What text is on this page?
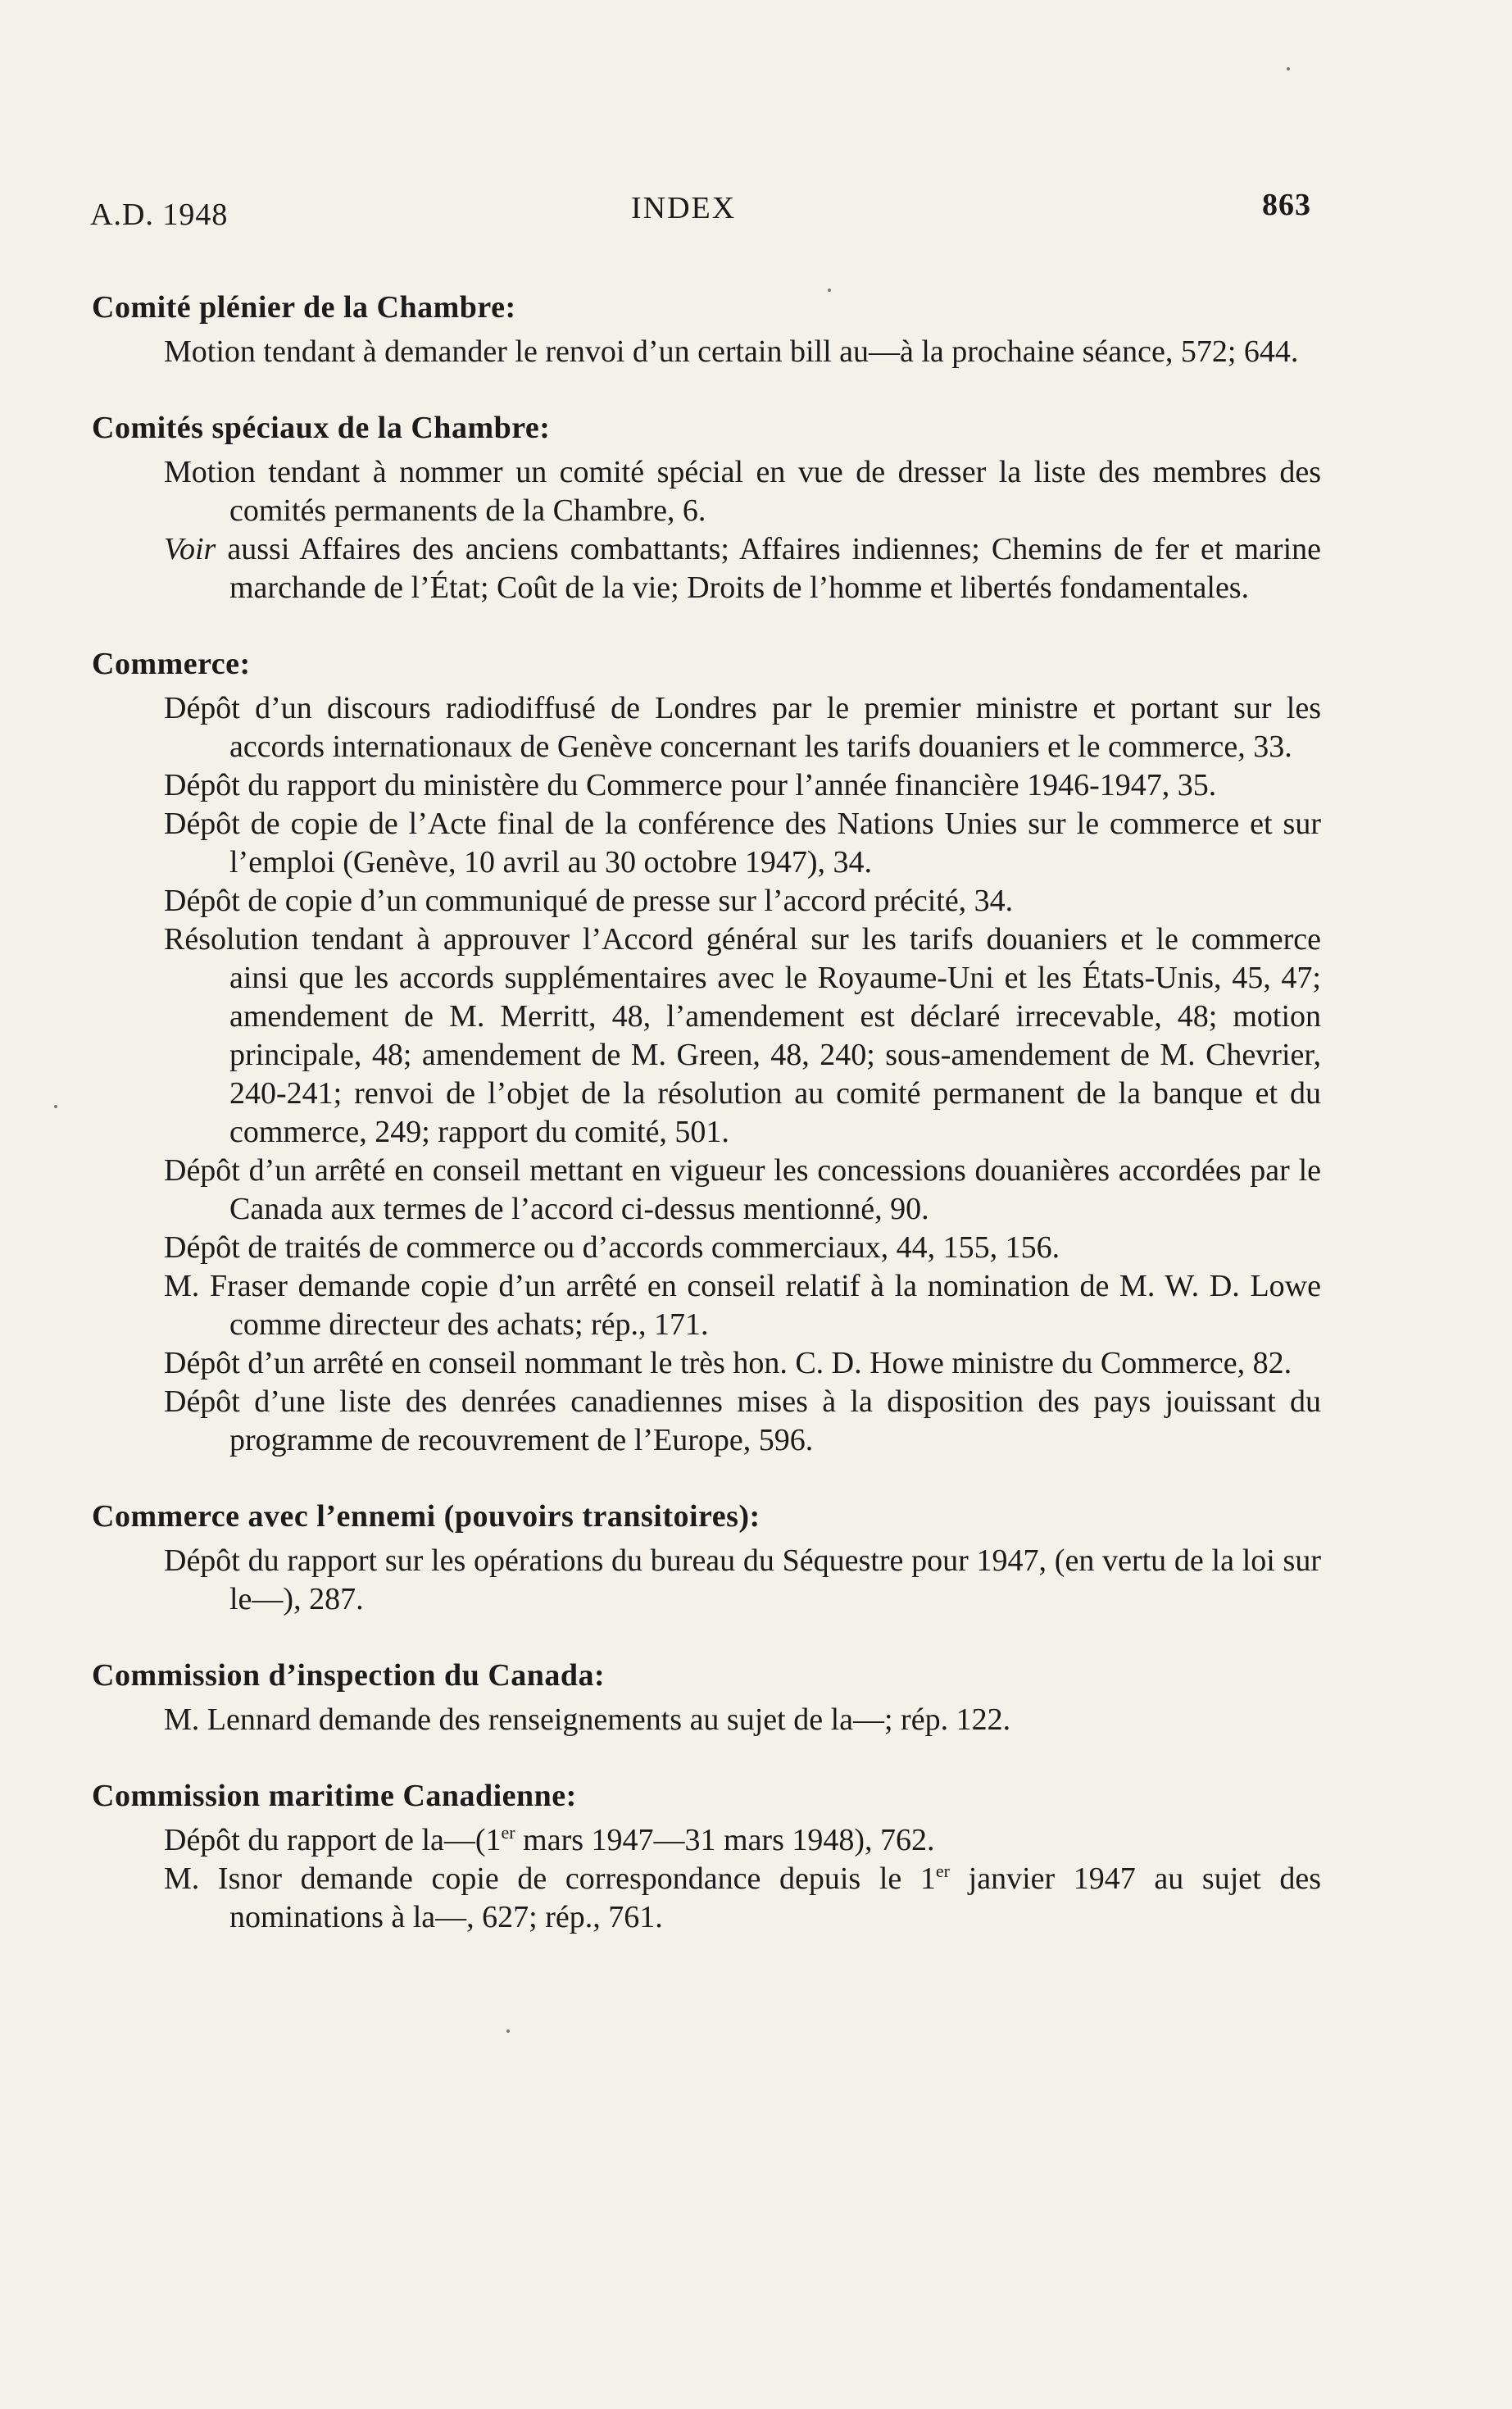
A.D. 1948	INDEX	863
Comité plénier de la Chambre:
Motion tendant à demander le renvoi d’un certain bill au—à la prochaine séance, 572; 644.
Comités spéciaux de la Chambre:
Motion tendant à nommer un comité spécial en vue de dresser la liste des membres des comités permanents de la Chambre, 6.
Voir aussi Affaires des anciens combattants; Affaires indiennes; Chemins de fer et marine marchande de l’État; Coût de la vie; Droits de l’homme et libertés fondamentales.
Commerce:
Dépôt d’un discours radiodiffusé de Londres par le premier ministre et portant sur les accords internationaux de Genève concernant les tarifs douaniers et le commerce, 33.
Dépôt du rapport du ministère du Commerce pour l’année financière 1946-1947, 35.
Dépôt de copie de l’Acte final de la conférence des Nations Unies sur le commerce et sur l’emploi (Genève, 10 avril au 30 octobre 1947), 34.
Dépôt de copie d’un communiqué de presse sur l’accord précité, 34.
Résolution tendant à approuver l’Accord général sur les tarifs douaniers et le commerce ainsi que les accords supplémentaires avec le Royaume-Uni et les États-Unis, 45, 47; amendement de M. Merritt, 48, l’amendement est déclaré irrecevable, 48; motion principale, 48; amendement de M. Green, 48, 240; sous-amendement de M. Chevrier, 240-241; renvoi de l’objet de la résolution au comité permanent de la banque et du commerce, 249; rapport du comité, 501.
Dépôt d’un arrêté en conseil mettant en vigueur les concessions douanières accordées par le Canada aux termes de l’accord ci-dessus mentionné, 90.
Dépôt de traités de commerce ou d’accords commerciaux, 44, 155, 156.
M. Fraser demande copie d’un arrêté en conseil relatif à la nomination de M. W. D. Lowe comme directeur des achats; rép., 171.
Dépôt d’un arrêté en conseil nommant le très hon. C. D. Howe ministre du Commerce, 82.
Dépôt d’une liste des denrées canadiennes mises à la disposition des pays jouissant du programme de recouvrement de l’Europe, 596.
Commerce avec l’ennemi (pouvoirs transitoires):
Dépôt du rapport sur les opérations du bureau du Séquestre pour 1947, (en vertu de la loi sur le—), 287.
Commission d’inspection du Canada:
M. Lennard demande des renseignements au sujet de la—; rép. 122.
Commission maritime Canadienne:
Dépôt du rapport de la—(1er mars 1947—31 mars 1948), 762.
M. Isnor demande copie de correspondance depuis le 1er janvier 1947 au sujet des nominations à la—, 627; rép., 761.
